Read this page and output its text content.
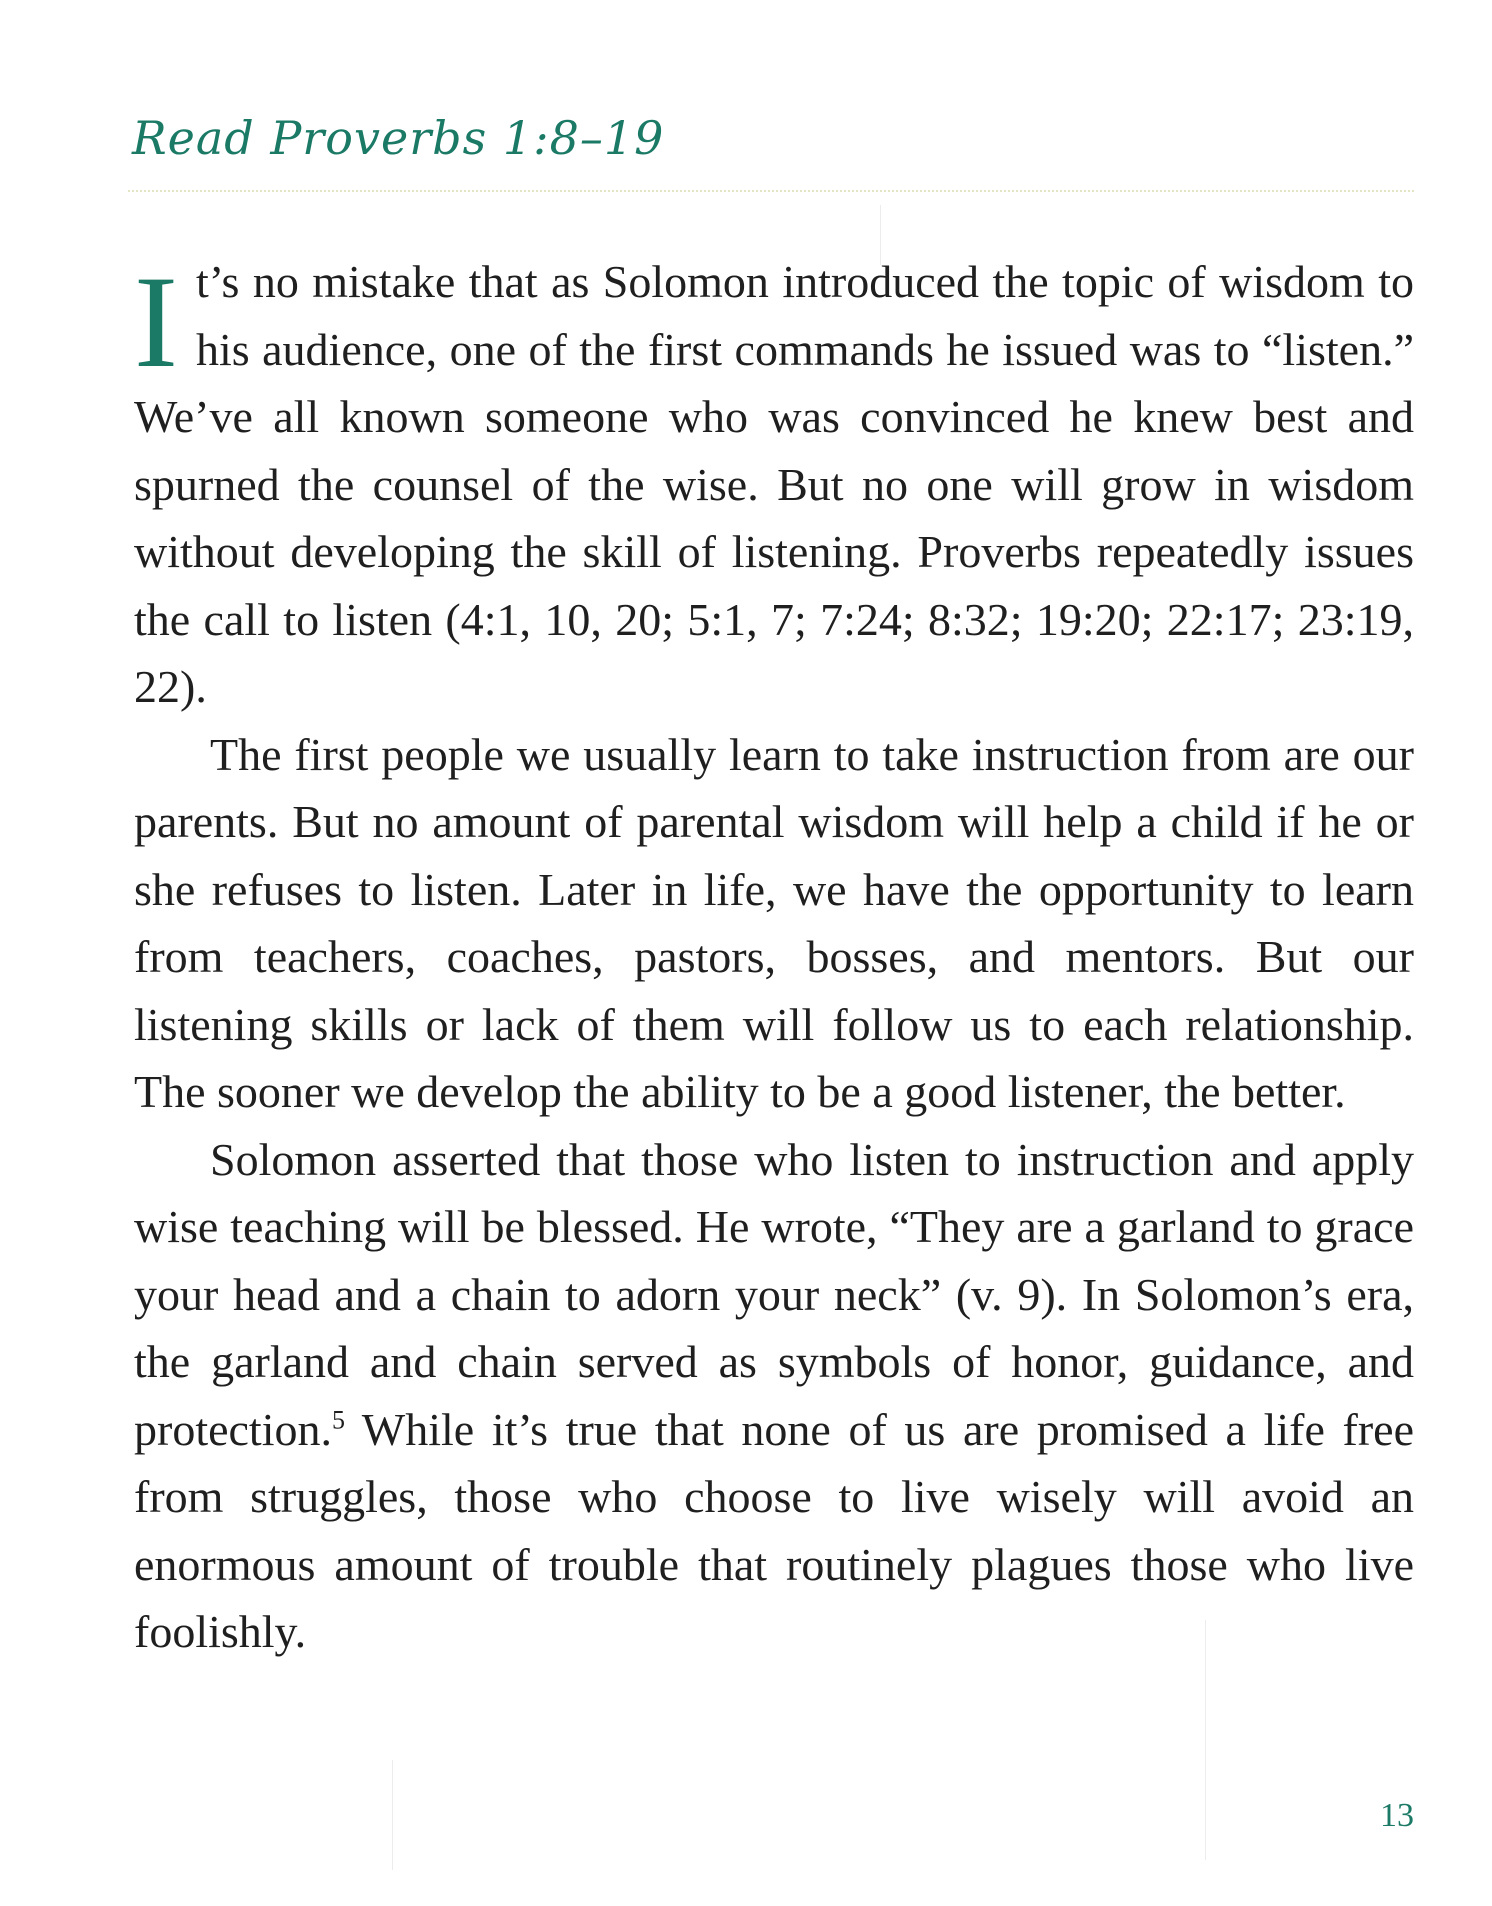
Read Proverbs 1:8–19

It’s no mistake that as Solomon introduced the topic of wisdom to his audience, one of the first commands he issued was to “listen.” We’ve all known someone who was convinced he knew best and spurned the counsel of the wise. But no one will grow in wisdom without developing the skill of listening. Proverbs repeatedly issues the call to listen (4:1, 10, 20; 5:1, 7; 7:24; 8:32; 19:20; 22:17; 23:19, 22).

The first people we usually learn to take instruction from are our parents. But no amount of parental wisdom will help a child if he or she refuses to listen. Later in life, we have the opportunity to learn from teachers, coaches, pastors, bosses, and mentors. But our listening skills or lack of them will follow us to each relationship. The sooner we develop the ability to be a good listener, the better.

Solomon asserted that those who listen to instruction and apply wise teaching will be blessed. He wrote, “They are a garland to grace your head and a chain to adorn your neck” (v. 9). In Solomon’s era, the garland and chain served as symbols of honor, guidance, and protection.$^5$ While it’s true that none of us are promised a life free from struggles, those who choose to live wisely will avoid an enormous amount of trouble that routinely plagues those who live foolishly.

13
